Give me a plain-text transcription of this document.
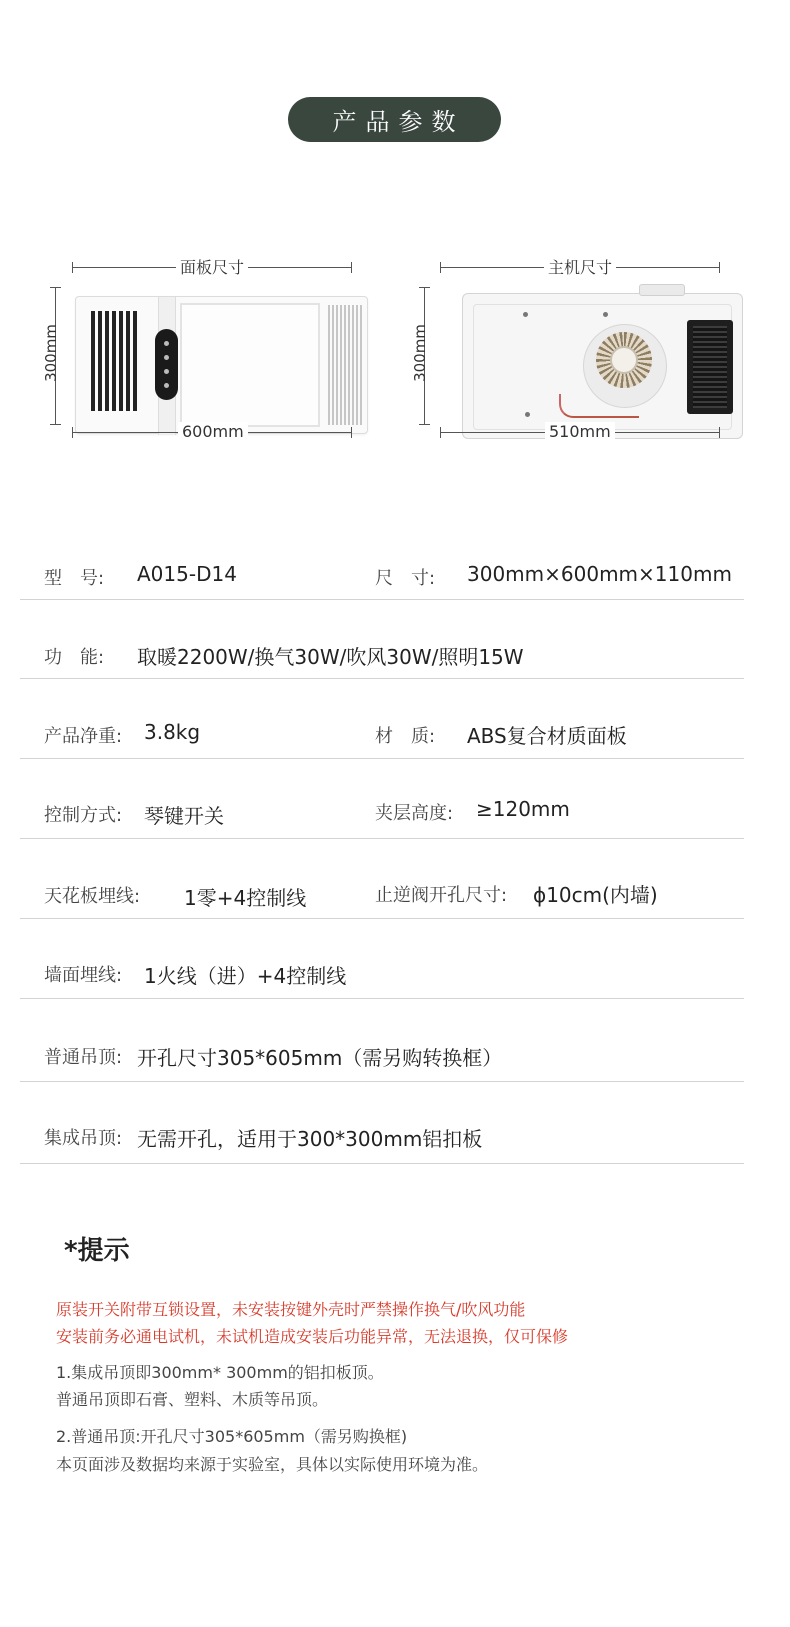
产品参数
面板尺寸
300mm
600mm
主机尺寸
300mm
510mm
型　号: A015-D14	尺　寸: 300mm×600mm×110mm
功　能: 取暖2200W/换气30W/吹风30W/照明15W
产品净重: 3.8kg	材　质: ABS复合材质面板
控制方式: 琴键开关	夹层高度: ≥120mm
天花板埋线: 1零+4控制线	止逆阀开孔尺寸: ϕ10cm(内墙)
墙面埋线: 1火线（进）+4控制线
普通吊顶: 开孔尺寸305*605mm（需另购转换框）
集成吊顶: 无需开孔，适用于300*300mm铝扣板
*提示
原装开关附带互锁设置，未安装按键外壳时严禁操作换气/吹风功能
安装前务必通电试机，未试机造成安装后功能异常，无法退换，仅可保修
1.集成吊顶即300mm* 300mm的铝扣板顶。
普通吊顶即石膏、塑料、木质等吊顶。
2.普通吊顶:开孔尺寸305*605mm（需另购换框)
本页面涉及数据均来源于实验室，具体以实际使用环境为准。
